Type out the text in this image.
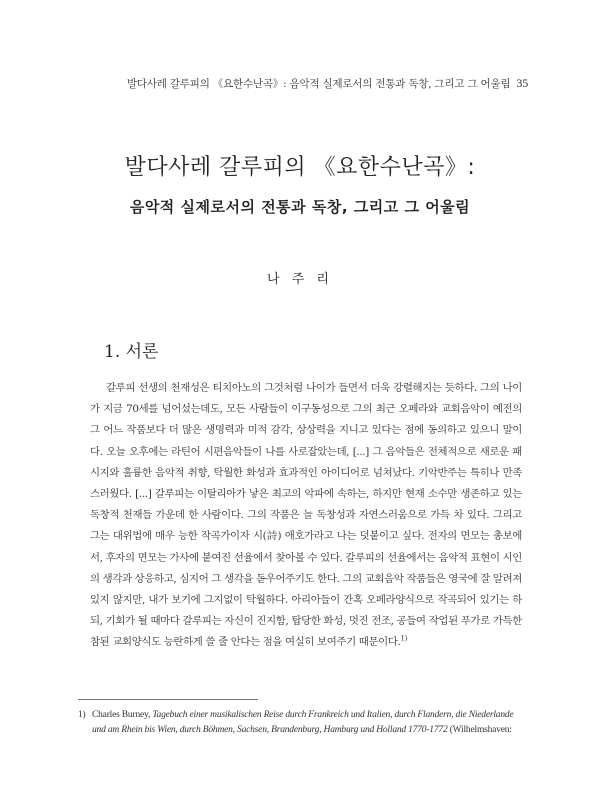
발다사레 갈루피의 《요한수난곡》: 음악적 실제로서의 전통과 독창, 그리고 그 어울림 35
발다사레 갈루피의 《요한수난곡》:
음악적 실제로서의 전통과 독창, 그리고 그 어울림
나 주 리
1. 서론

갈루피 선생의 천재성은 티치아노의 그것처럼 나이가 들면서 더욱 강렬해지는 듯하다. 그의 나이가 지금 70세를 넘어섰는데도, 모든 사람들이 이구동성으로 그의 최근 오페라와 교회음악이 예전의 그 어느 작품보다 더 많은 생명력과 미적 감각, 상상력을 지니고 있다는 점에 동의하고 있으니 말이다. 오늘 오후에는 라틴어 시편음악들이 나를 사로잡았는데, [...] 그 음악들은 전체적으로 새로운 패시지와 훌륭한 음악적 취향, 탁월한 화성과 효과적인 아이디어로 넘쳐났다. 기악반주는 특히나 만족스러웠다. [...] 갈루피는 이탈리아가 낳은 최고의 악파에 속하는, 하지만 현재 소수만 생존하고 있는 독창적 천재들 가운데 한 사람이다. 그의 작품은 늘 독창성과 자연스러움으로 가득 차 있다. 그리고 그는 대위법에 매우 능한 작곡가이자 시(詩) 애호가라고 나는 덧붙이고 싶다. 전자의 면모는 총보에서, 후자의 면모는 가사에 붙여진 선율에서 찾아볼 수 있다. 갈루피의 선율에서는 음악적 표현이 시인의 생각과 상응하고, 심지어 그 생각을 돋우어주기도 한다. 그의 교회음악 작품들은 영국에 잘 알려져 있지 않지만, 내가 보기에 그지없이 탁월하다. 아리아들이 간혹 오페라양식으로 작곡되어 있기는 하되, 기회가 될 때마다 갈루피는 자신이 진지함, 탑당한 화성, 멋진 전조, 공들여 작업된 푸가로 가득한 참된 교회양식도 능란하게 쓸 줄 안다는 점을 여실히 보여주기 때문이다.$^{1)}$

1) Charles Burney, Tagebuch einer musikalischen Reise durch Frankreich und Italien, durch Flandern, die Niederlande
und am Rhein bis Wien, durch Böhmen, Sachsen, Brandenburg, Hamburg und Holland 1770-1772 (Wilhelmshaven:
